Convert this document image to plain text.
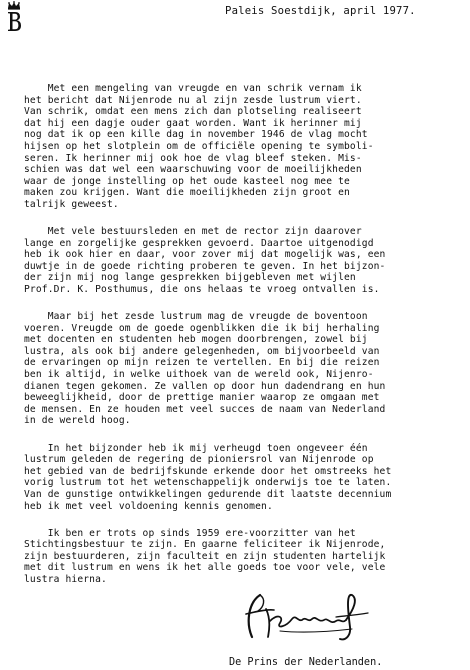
Paleis Soestdijk, april 1977.
Met een mengeling van vreugde en van schrik vernam ik
het bericht dat Nijenrode nu al zijn zesde lustrum viert.
Van schrik, omdat een mens zich dan plotseling realiseert
dat hij een dagje ouder gaat worden. Want ik herinner mij
nog dat ik op een kille dag in november 1946 de vlag mocht
hijsen op het slotplein om de officiële opening te symboli-
seren. Ik herinner mij ook hoe de vlag bleef steken. Mis-
schien was dat wel een waarschuwing voor de moeilijkheden
waar de jonge instelling op het oude kasteel nog mee te
maken zou krijgen. Want die moeilijkheden zijn groot en
talrijk geweest.
Met vele bestuursleden en met de rector zijn daarover
lange en zorgelijke gesprekken gevoerd. Daartoe uitgenodigd
heb ik ook hier en daar, voor zover mij dat mogelijk was, een
duwtje in de goede richting proberen te geven. In het bijzon-
der zijn mij nog lange gesprekken bijgebleven met wijlen
Prof.Dr. K. Posthumus, die ons helaas te vroeg ontvallen is.
Maar bij het zesde lustrum mag de vreugde de boventoon
voeren. Vreugde om de goede ogenblikken die ik bij herhaling
met docenten en studenten heb mogen doorbrengen, zowel bij
lustra, als ook bij andere gelegenheden, om bijvoorbeeld van
de ervaringen op mijn reizen te vertellen. En bij die reizen
ben ik altijd, in welke uithoek van de wereld ook, Nijenro-
dianen tegen gekomen. Ze vallen op door hun dadendrang en hun
beweeglijkheid, door de prettige manier waarop ze omgaan met
de mensen. En ze houden met veel succes de naam van Nederland
in de wereld hoog.
In het bijzonder heb ik mij verheugd toen ongeveer één
lustrum geleden de regering de pioniersrol van Nijenrode op
het gebied van de bedrijfskunde erkende door het omstreeks het
vorig lustrum tot het wetenschappelijk onderwijs toe te laten.
Van de gunstige ontwikkelingen gedurende dit laatste decennium
heb ik met veel voldoening kennis genomen.
Ik ben er trots op sinds 1959 ere-voorzitter van het
Stichtingsbestuur te zijn. En gaarne feliciteer ik Nijenrode,
zijn bestuurderen, zijn faculteit en zijn studenten hartelijk
met dit lustrum en wens ik het alle goeds toe voor vele, vele
lustra hierna.
De Prins der Nederlanden.
